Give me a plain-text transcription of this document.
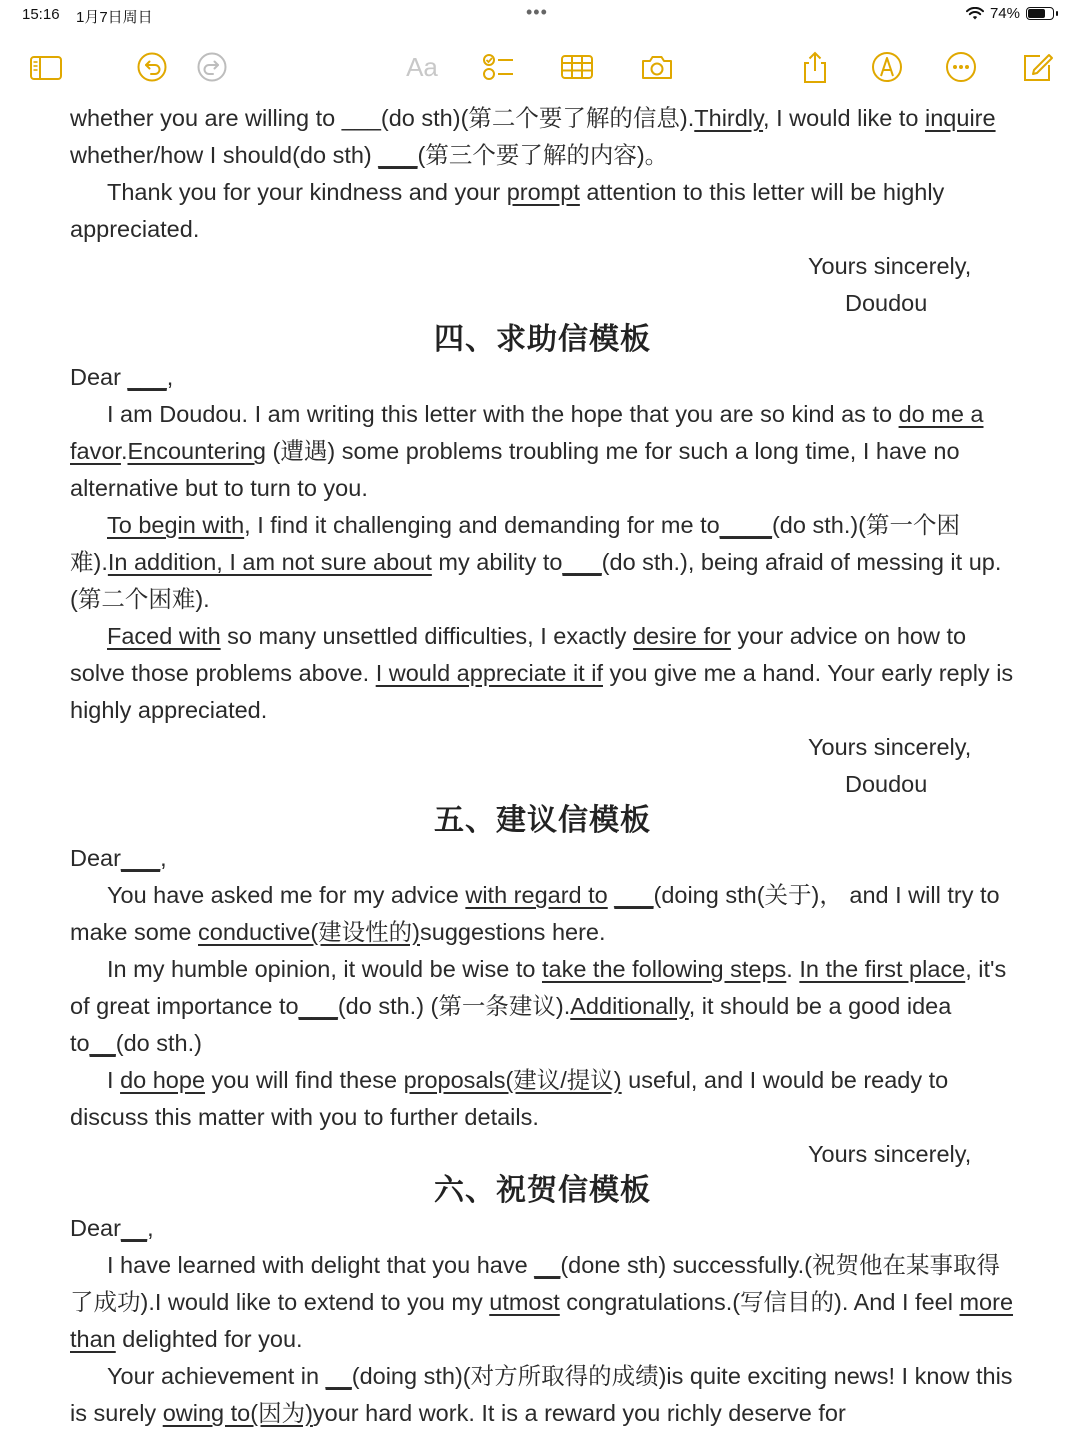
15:16 1月7日周日	•••	74%
Aa

whether you are willing to ___(do sth)(第二个要了解的信息).Thirdly, I would like to inquire whether/how I should(do sth) ___(第三个要了解的内容)。

Thank you for your kindness and your prompt attention to this letter will be highly appreciated.

Yours sincerely,

Doudou

四、求助信模板

Dear ___,

I am Doudou. I am writing this letter with the hope that you are so kind as to do me a favor.Encountering (遭遇) some problems troubling me for such a long time, I have no alternative but to turn to you.

To begin with, I find it challenging and demanding for me to____(do sth.)(第一个困难).In addition, I am not sure about my ability to___(do sth.), being afraid of messing it up.(第二个困难).

Faced with so many unsettled difficulties, I exactly desire for your advice on how to solve those problems above. I would appreciate it if you give me a hand. Your early reply is highly appreciated.

Yours sincerely,

Doudou

五、建议信模板

Dear___,

You have asked me for my advice with regard to ___(doing sth(关于)， and I will try to make some conductive(建设性的)suggestions here.

In my humble opinion, it would be wise to take the following steps. In the first place, it's of great importance to___(do sth.) (第一条建议).Additionally, it should be a good idea to__(do sth.)

I do hope you will find these proposals(建议/提议) useful, and I would be ready to discuss this matter with you to further details.

Yours sincerely,

六、祝贺信模板

Dear__,

I have learned with delight that you have __(done sth) successfully.(祝贺他在某事取得了成功).I would like to extend to you my utmost congratulations.(写信目的). And I feel more than delighted for you.

Your achievement in __(doing sth)(对方所取得的成绩)is quite exciting news! I know this is surely owing to(因为)your hard work. It is a reward you richly deserve for
